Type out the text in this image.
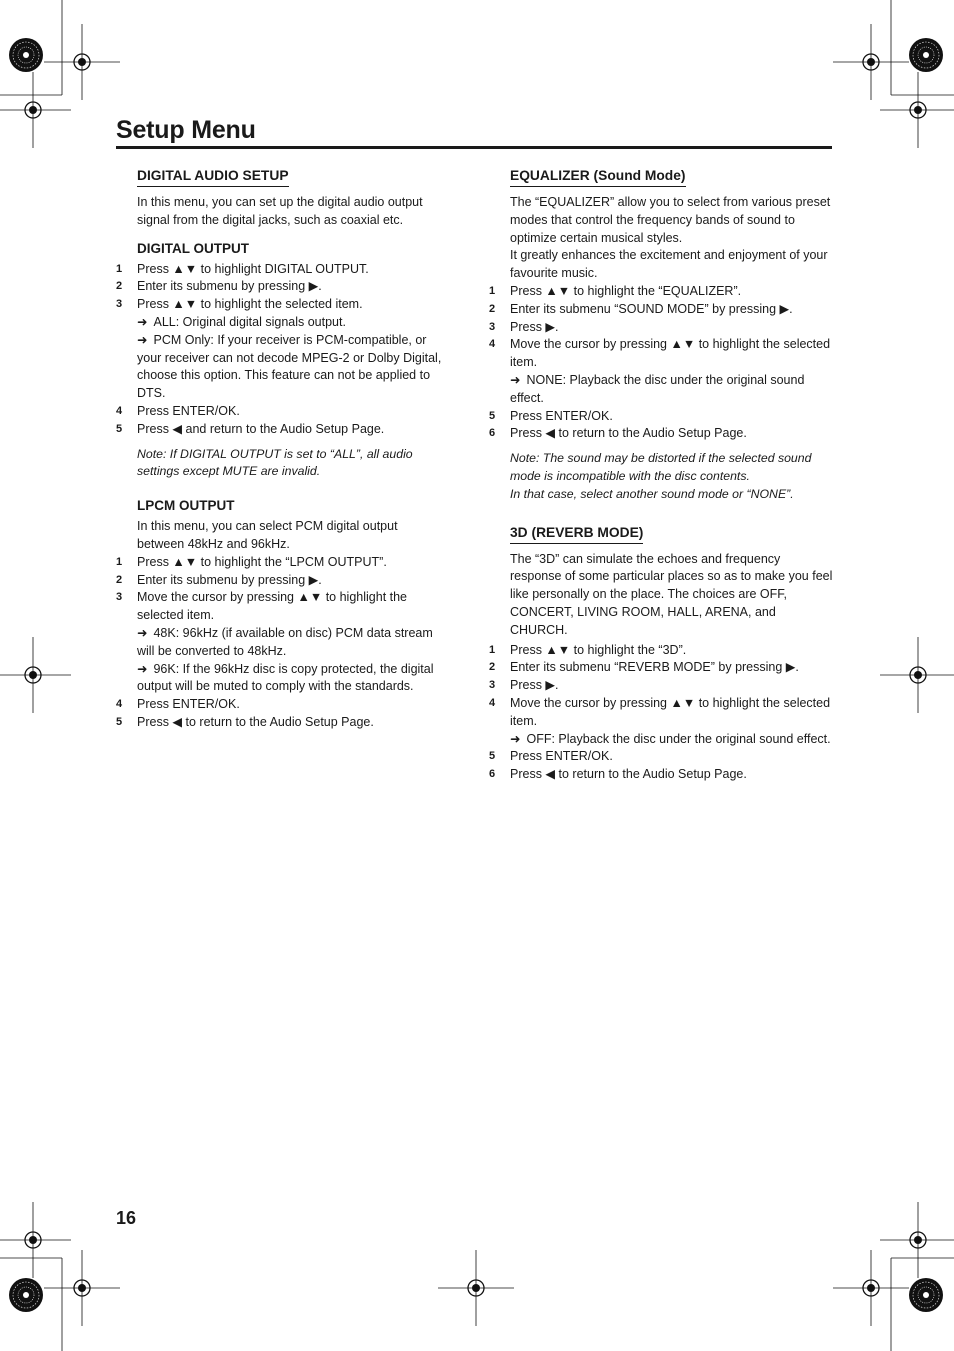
Setup Menu
DIGITAL AUDIO SETUP

In this menu, you can set up the digital audio output signal from the digital jacks, such as coaxial etc.

DIGITAL OUTPUT
1 Press ▲▼ to highlight DIGITAL OUTPUT.
2 Enter its submenu by pressing ▶.
3 Press ▲▼ to highlight the selected item.

➜ ALL: Original digital signals output.

➜ PCM Only: If your receiver is PCM-compatible, or your receiver can not decode MPEG-2 or Dolby Digital, choose this option. This feature can not be applied to DTS.

4 Press ENTER/OK.
5 Press ◀ and return to the Audio Setup Page.

Note: If DIGITAL OUTPUT is set to “ALL”, all audio settings except MUTE are invalid.

LPCM OUTPUT

In this menu, you can select PCM digital output between 48kHz and 96kHz.

1 Press ▲▼ to highlight the “LPCM OUTPUT”.
2 Enter its submenu by pressing ▶.
3 Move the cursor by pressing ▲▼ to highlight the selected item.

➜ 48K: 96kHz (if available on disc) PCM data stream will be converted to 48kHz.

➜ 96K: If the 96kHz disc is copy protected, the digital output will be muted to comply with the standards.

4 Press ENTER/OK.
5 Press ◀ to return to the Audio Setup Page.
EQUALIZER (Sound Mode)

The “EQUALIZER” allow you to select from various preset modes that control the frequency bands of sound to optimize certain musical styles.

It greatly enhances the excitement and enjoyment of your favourite music.

1 Press ▲▼ to highlight the “EQUALIZER”.
2 Enter its submenu “SOUND MODE” by pressing ▶.
3 Press ▶.
4 Move the cursor by pressing ▲▼ to highlight the selected item.

➜ NONE: Playback the disc under the original sound effect.

5 Press ENTER/OK.
6 Press ◀ to return to the Audio Setup Page.

Note: The sound may be distorted if the selected sound mode is incompatible with the disc contents.

In that case, select another sound mode or “NONE”.

3D (REVERB MODE)

The “3D” can simulate the echoes and frequency response of some particular places so as to make you feel like personally on the place. The choices are OFF, CONCERT, LIVING ROOM, HALL, ARENA, and CHURCH.

1 Press ▲▼ to highlight the “3D”.
2 Enter its submenu “REVERB MODE” by pressing ▶.
3 Press ▶.
4 Move the cursor by pressing ▲▼ to highlight the selected item.

➜ OFF: Playback the disc under the original sound effect.

5 Press ENTER/OK.
6 Press ◀ to return to the Audio Setup Page.
16
